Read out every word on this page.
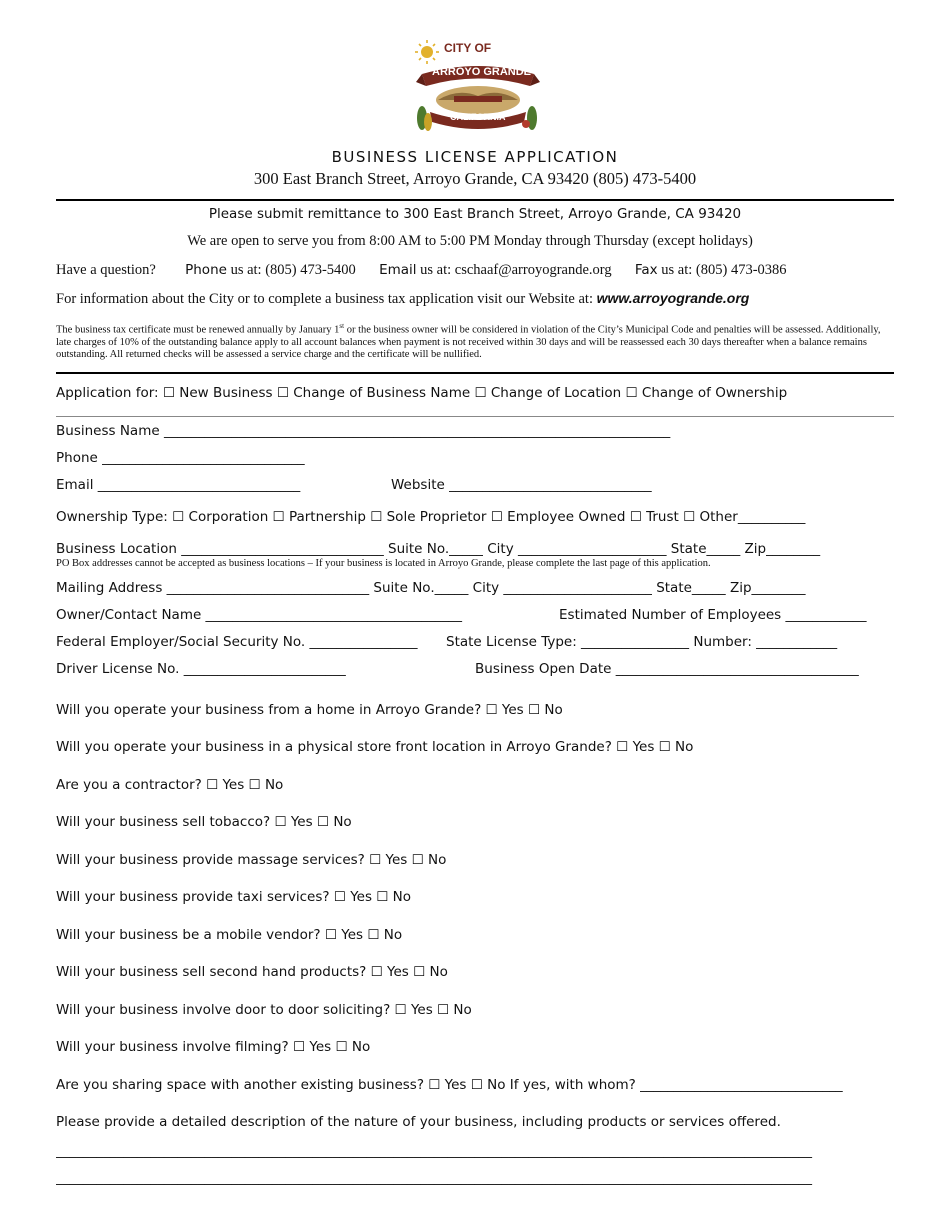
CITY OF
ARROYO GRANDE
CALIFORNIA
BUSINESS LICENSE APPLICATION
300 East Branch Street, Arroyo Grande, CA 93420 (805) 473-5400
Please submit remittance to 300 East Branch Street, Arroyo Grande, CA 93420
We are open to serve you from 8:00 AM to 5:00 PM Monday through Thursday (except holidays)
Have a question? Phone us at: (805) 473-5400 Email us at: cschaaf@arroyogrande.org Fax us at: (805) 473-0386
For information about the City or to complete a business tax application visit our Website at: www.arroyogrande.org
The business tax certificate must be renewed annually by January 1st or the business owner will be considered in violation of the City’s Municipal Code and penalties will be assessed. Additionally, late charges of 10% of the outstanding balance apply to all account balances when payment is not received within 30 days and will be reassessed each 30 days thereafter when a balance remains outstanding. All returned checks will be assessed a service charge and the certificate will be nullified.
Application for: ☐ New Business ☐ Change of Business Name ☐ Change of Location ☐ Change of Ownership
Business Name ___________________________________________________________________________
Phone ______________________________
Email ______________________________	Website ______________________________
Ownership Type: ☐ Corporation ☐ Partnership ☐ Sole Proprietor ☐ Employee Owned ☐ Trust ☐ Other__________
Business Location ______________________________ Suite No._____ City ______________________ State_____ Zip________
PO Box addresses cannot be accepted as business locations – If your business is located in Arroyo Grande, please complete the last page of this application.
Mailing Address ______________________________ Suite No._____ City ______________________ State_____ Zip________
Owner/Contact Name ______________________________________	Estimated Number of Employees ____________
Federal Employer/Social Security No. ________________ State License Type: ________________ Number: ____________
Driver License No. ________________________	Business Open Date ____________________________________
Will you operate your business from a home in Arroyo Grande? ☐ Yes ☐ No
Will you operate your business in a physical store front location in Arroyo Grande? ☐ Yes ☐ No
Are you a contractor? ☐ Yes ☐ No
Will your business sell tobacco? ☐ Yes ☐ No
Will your business provide massage services? ☐ Yes ☐ No
Will your business provide taxi services? ☐ Yes ☐ No
Will your business be a mobile vendor? ☐ Yes ☐ No
Will your business sell second hand products? ☐ Yes ☐ No
Will your business involve door to door soliciting? ☐ Yes ☐ No
Will your business involve filming? ☐ Yes ☐ No
Are you sharing space with another existing business? ☐ Yes ☐ No If yes, with whom? ______________________________
Please provide a detailed description of the nature of your business, including products or services offered.
________________________________________________________________________________________________________________
________________________________________________________________________________________________________________
